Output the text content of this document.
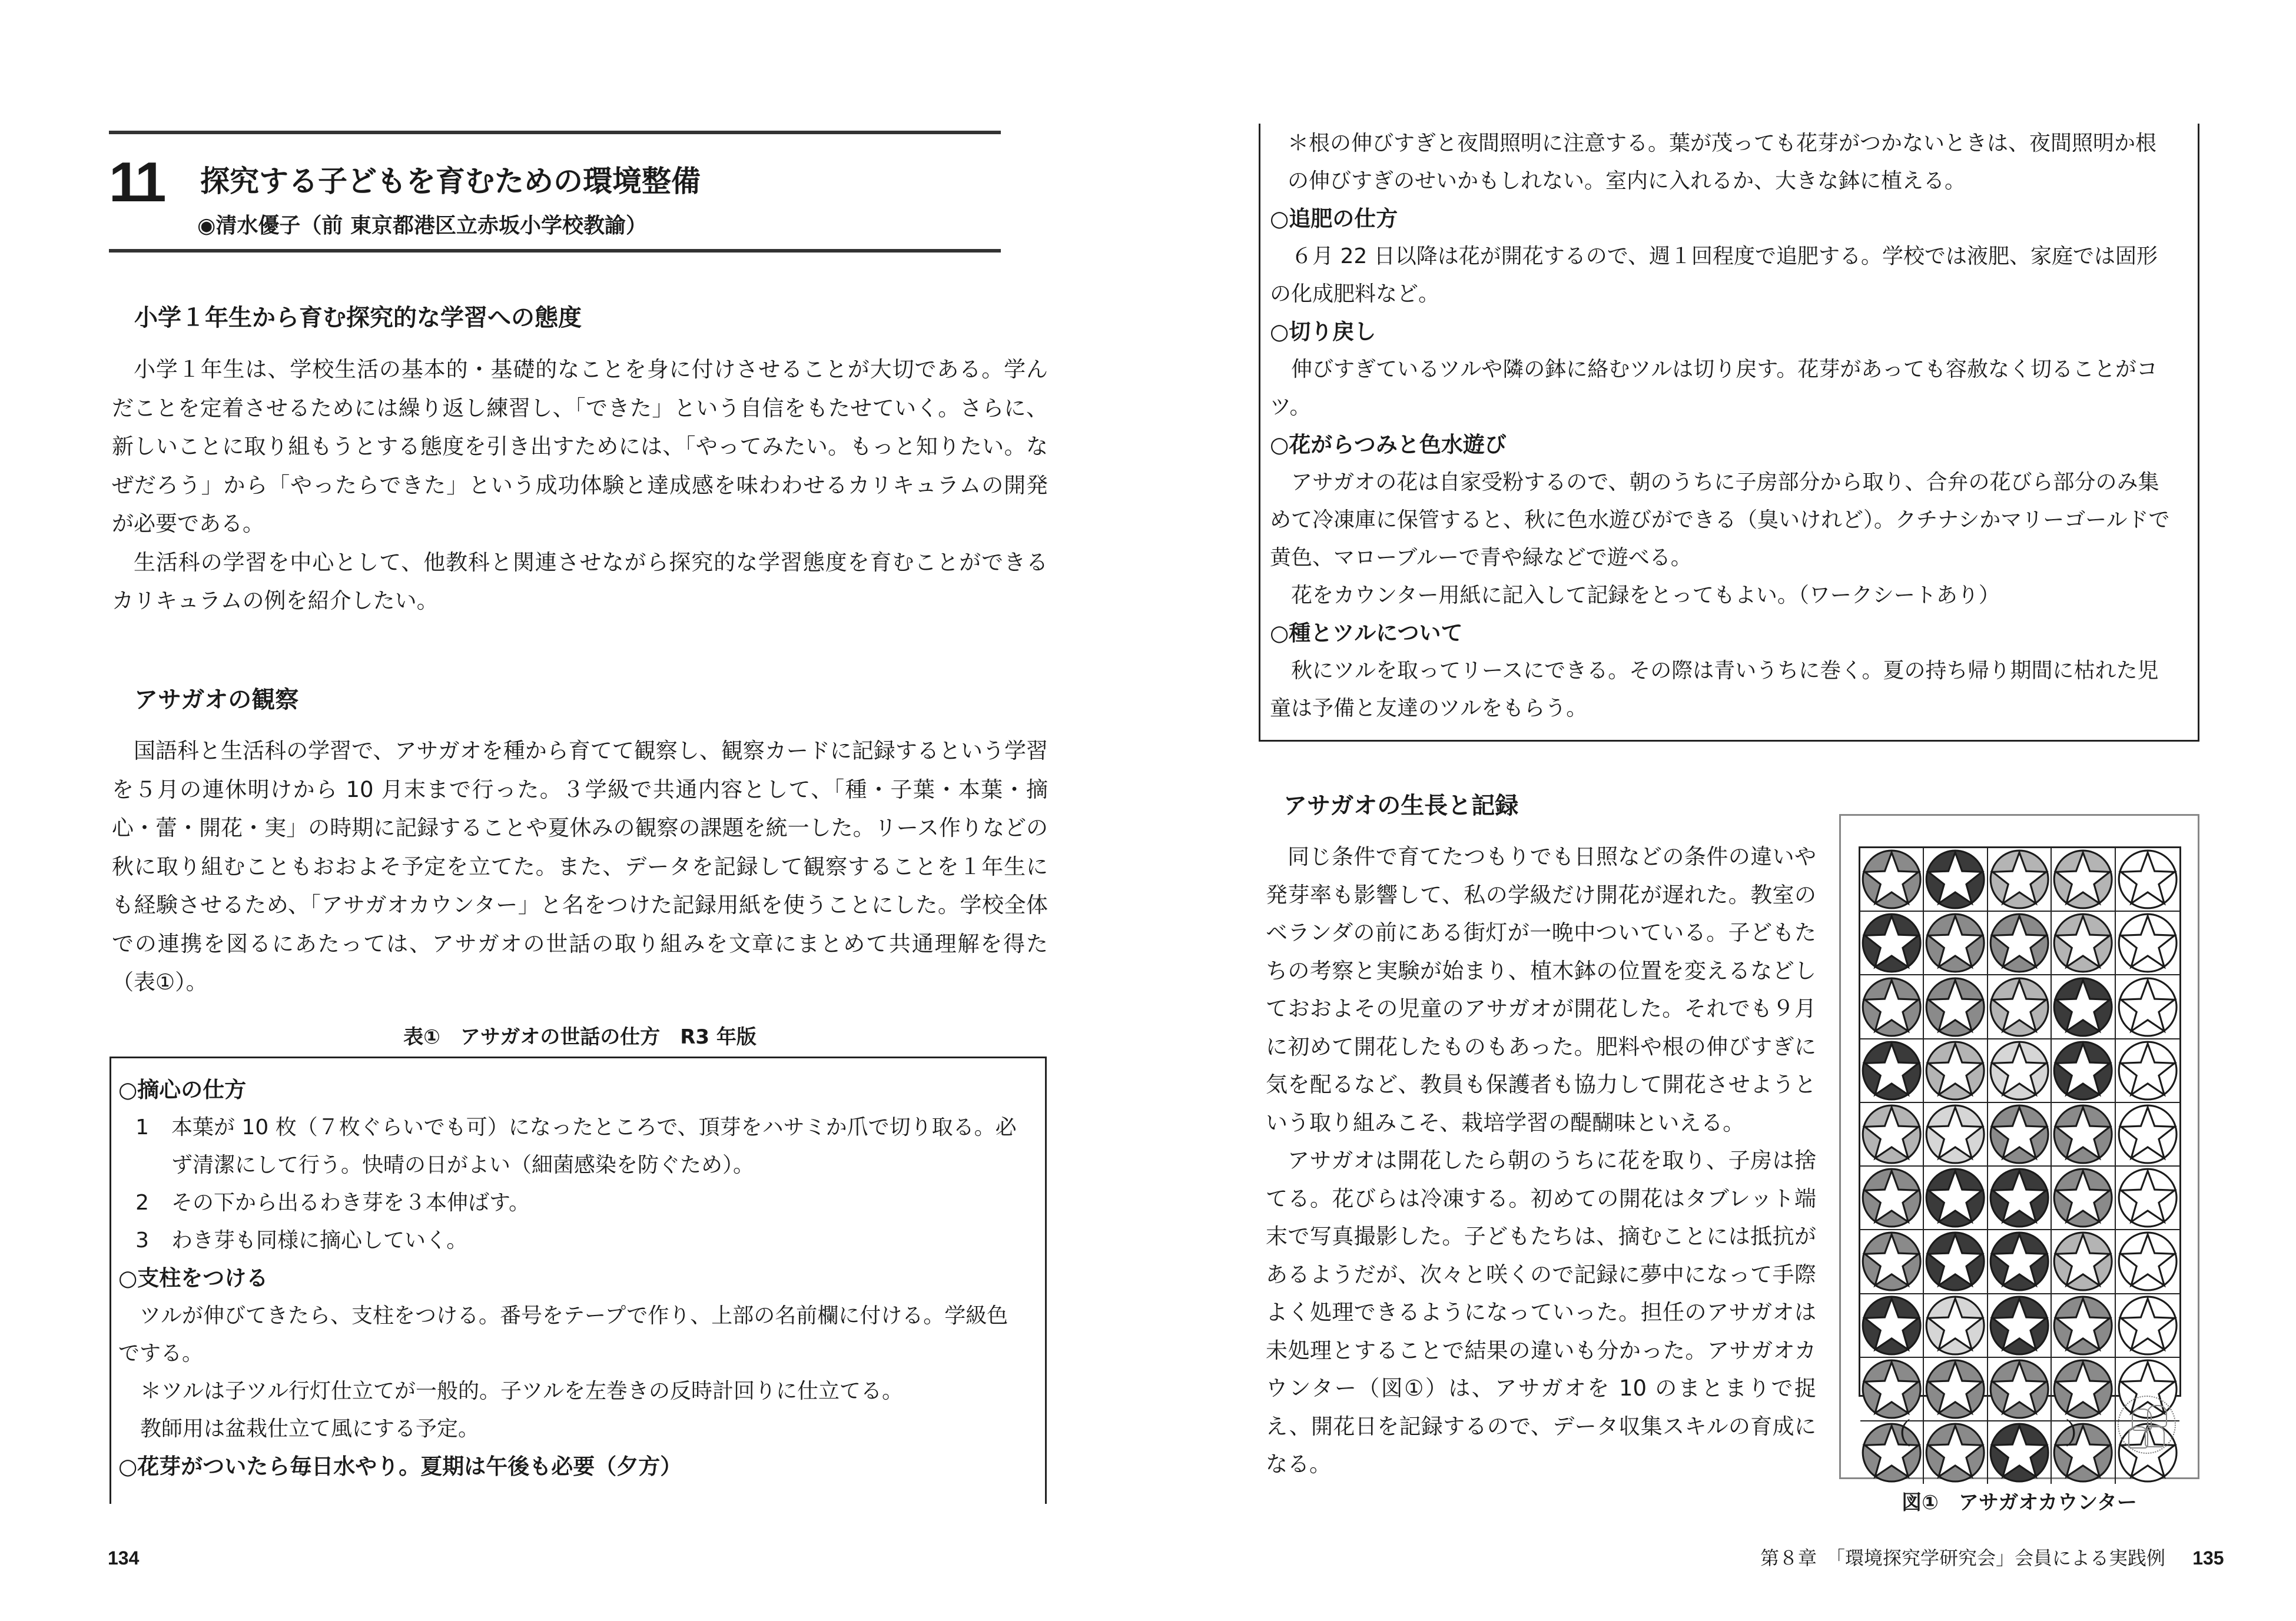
11 探究する子どもを育むための環境整備
◉清水優子（前 東京都港区立赤坂小学校教諭）
小学１年生から育む探究的な学習への態度

小学１年生は、学校生活の基本的・基礎的なことを身に付けさせることが大切である。学んだことを定着させるためには繰り返し練習し、「できた」という自信をもたせていく。さらに、新しいことに取り組もうとする態度を引き出すためには、「やってみたい。もっと知りたい。なぜだろう」から「やったらできた」という成功体験と達成感を味わわせるカリキュラムの開発が必要である。

生活科の学習を中心として、他教科と関連させながら探究的な学習態度を育むことができるカリキュラムの例を紹介したい。

アサガオの観察

国語科と生活科の学習で、アサガオを種から育てて観察し、観察カードに記録するという学習を５月の連休明けから 10 月末まで行った。３学級で共通内容として、「種・子葉・本葉・摘心・蕾・開花・実」の時期に記録することや夏休みの観察の課題を統一した。リース作りなどの秋に取り組むこともおおよそ予定を立てた。また、データを記録して観察することを１年生にも経験させるため、「アサガオカウンター」と名をつけた記録用紙を使うことにした。学校全体での連携を図るにあたっては、アサガオの世話の取り組みを文章にまとめて共通理解を得た（表①）。

表①　アサガオの世話の仕方　R3 年版
○摘心の仕方
1	本葉が 10 枚（７枚ぐらいでも可）になったところで、頂芽をハサミか爪で切り取る。必ず清潔にして行う。快晴の日がよい（細菌感染を防ぐため）。
2	その下から出るわき芽を３本伸ばす。
3	わき芽も同様に摘心していく。
○支柱をつける
ツルが伸びてきたら、支柱をつける。番号をテープで作り、上部の名前欄に付ける。学級色でする。
＊ツルは子ツル行灯仕立てが一般的。子ツルを左巻きの反時計回りに仕立てる。
教師用は盆栽仕立て風にする予定。
○花芽がついたら毎日水やり。夏期は午後も必要（夕方）
134
＊根の伸びすぎと夜間照明に注意する。葉が茂っても花芽がつかないときは、夜間照明か根の伸びすぎのせいかもしれない。室内に入れるか、大きな鉢に植える。
○追肥の仕方
６月 22 日以降は花が開花するので、週１回程度で追肥する。学校では液肥、家庭では固形の化成肥料など。
○切り戻し
伸びすぎているツルや隣の鉢に絡むツルは切り戻す。花芽があっても容赦なく切ることがコツ。
○花がらつみと色水遊び
アサガオの花は自家受粉するので、朝のうちに子房部分から取り、合弁の花びら部分のみ集めて冷凍庫に保管すると、秋に色水遊びができる（臭いけれど）。クチナシかマリーゴールドで黄色、マローブルーで青や緑などで遊べる。
花をカウンター用紙に記入して記録をとってもよい。（ワークシートあり）
○種とツルについて
秋にツルを取ってリースにできる。その際は青いうちに巻く。夏の持ち帰り期間に枯れた児童は予備と友達のツルをもらう。
アサガオの生長と記録

同じ条件で育てたつもりでも日照などの条件の違いや発芽率も影響して、私の学級だけ開花が遅れた。教室のベランダの前にある街灯が一晩中ついている。子どもたちの考察と実験が始まり、植木鉢の位置を変えるなどしておおよその児童のアサガオが開花した。それでも９月に初めて開花したものもあった。肥料や根の伸びすぎに気を配るなど、教員も保護者も協力して開花させようという取り組みこそ、栽培学習の醍醐味といえる。

アサガオは開花したら朝のうちに花を取り、子房は捨てる。花びらは冷凍する。初めての開花はタブレット端末で写真撮影した。子どもたちは、摘むことには抵抗があるようだが、次々と咲くので記録に夢中になって手際よく処理できるようになっていった。担任のアサガオは未処理とすることで結果の違いも分かった。アサガオカウンター（図①）は、アサガオを 10 のまとまりで捉え、開花日を記録するので、データ収集スキルの育成になる。

（	）
図①　アサガオカウンター
第８章　「環境探究学研究会」会員による実践例 135
